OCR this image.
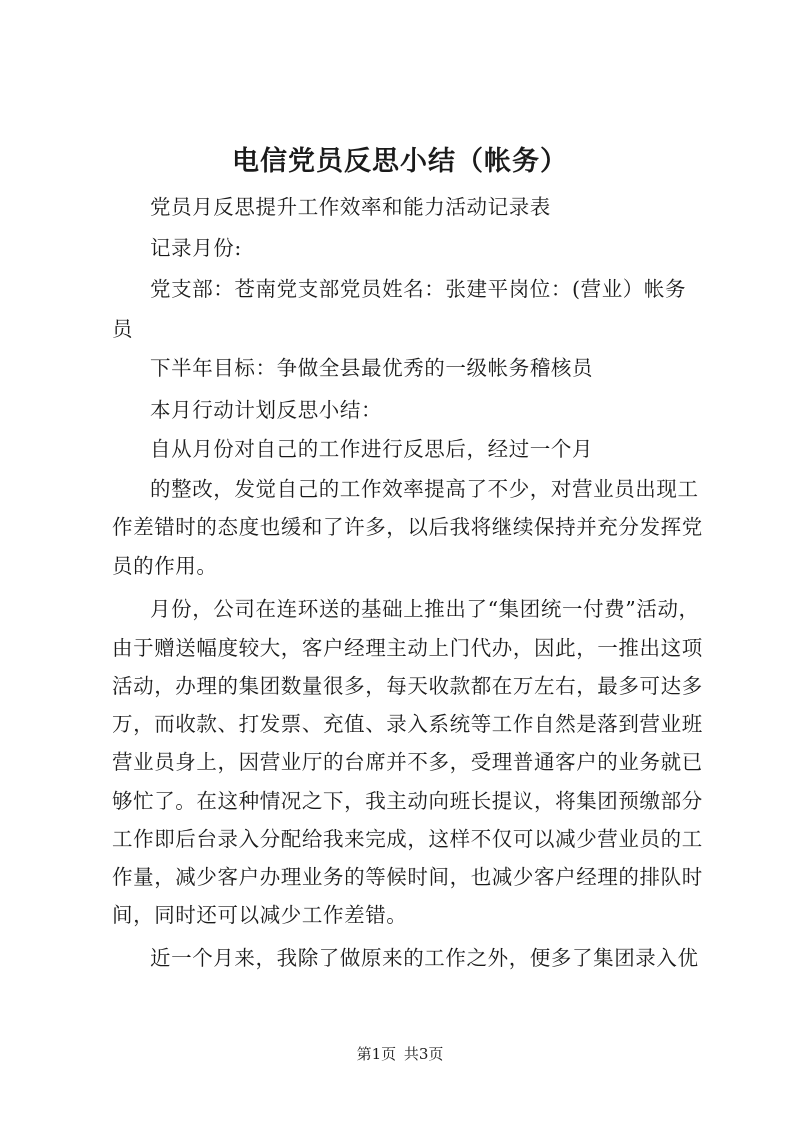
电信党员反思小结（帐务）
党员月反思提升工作效率和能力活动记录表
记录月份:
党支部：苍南党支部党员姓名：张建平岗位：(营业）帐务
员
下半年目标：争做全县最优秀的一级帐务稽核员
本月行动计划反思小结：
自从月份对自己的工作进行反思后，经过一个月
的整改，发觉自己的工作效率提高了不少，对营业员出现工
作差错时的态度也缓和了许多，以后我将继续保持并充分发挥党
员的作用。
月份，公司在连环送的基础上推出了“集团统一付费”活动，
由于赠送幅度较大，客户经理主动上门代办，因此，一推出这项
活动，办理的集团数量很多，每天收款都在万左右，最多可达多
万，而收款、打发票、充值、录入系统等工作自然是落到营业班
营业员身上，因营业厅的台席并不多，受理普通客户的业务就已
够忙了。在这种情况之下，我主动向班长提议，将集团预缴部分
工作即后台录入分配给我来完成，这样不仅可以减少营业员的工
作量，减少客户办理业务的等候时间，也减少客户经理的排队时
间，同时还可以减少工作差错。
近一个月来，我除了做原来的工作之外，便多了集团录入优
第1页 共3页
